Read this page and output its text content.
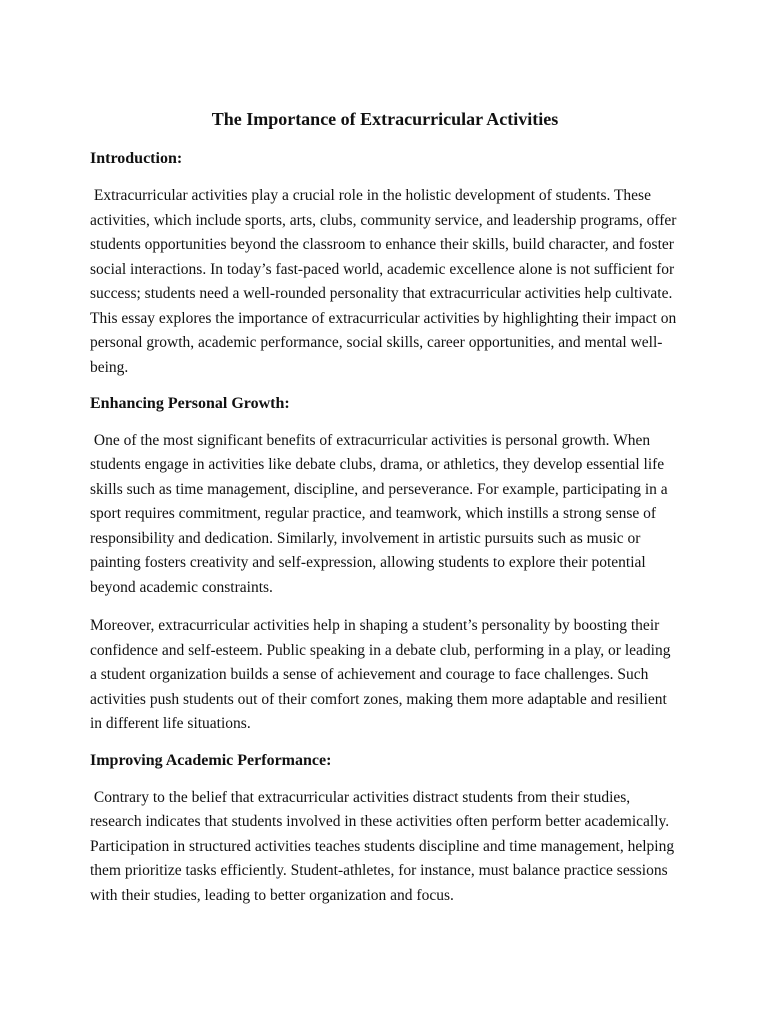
The Importance of Extracurricular Activities
Introduction:

Extracurricular activities play a crucial role in the holistic development of students. These activities, which include sports, arts, clubs, community service, and leadership programs, offer students opportunities beyond the classroom to enhance their skills, build character, and foster social interactions. In today’s fast-paced world, academic excellence alone is not sufficient for success; students need a well-rounded personality that extracurricular activities help cultivate. This essay explores the importance of extracurricular activities by highlighting their impact on personal growth, academic performance, social skills, career opportunities, and mental well-being.

Enhancing Personal Growth:

One of the most significant benefits of extracurricular activities is personal growth. When students engage in activities like debate clubs, drama, or athletics, they develop essential life skills such as time management, discipline, and perseverance. For example, participating in a sport requires commitment, regular practice, and teamwork, which instills a strong sense of responsibility and dedication. Similarly, involvement in artistic pursuits such as music or painting fosters creativity and self-expression, allowing students to explore their potential beyond academic constraints.

Moreover, extracurricular activities help in shaping a student’s personality by boosting their confidence and self-esteem. Public speaking in a debate club, performing in a play, or leading a student organization builds a sense of achievement and courage to face challenges. Such activities push students out of their comfort zones, making them more adaptable and resilient in different life situations.

Improving Academic Performance:

Contrary to the belief that extracurricular activities distract students from their studies, research indicates that students involved in these activities often perform better academically. Participation in structured activities teaches students discipline and time management, helping them prioritize tasks efficiently. Student-athletes, for instance, must balance practice sessions with their studies, leading to better organization and focus.
